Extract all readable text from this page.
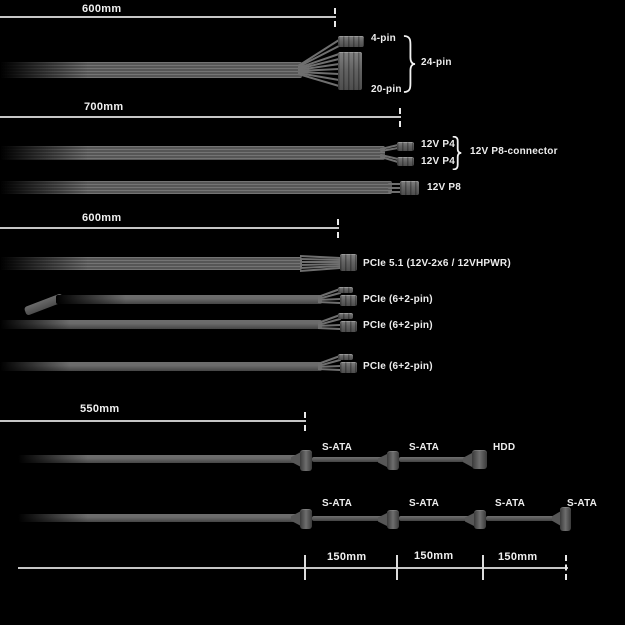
600mm
4-pin
20-pin
24-pin
700mm
12V P4
12V P4
12V P8-connector
12V P8
600mm
PCIe 5.1 (12V-2x6 / 12VHPWR)
PCIe (6+2-pin)
PCIe (6+2-pin)
PCIe (6+2-pin)
550mm
S-ATA	S-ATA	HDD
S-ATA	S-ATA	S-ATA	S-ATA
150mm	150mm	150mm
